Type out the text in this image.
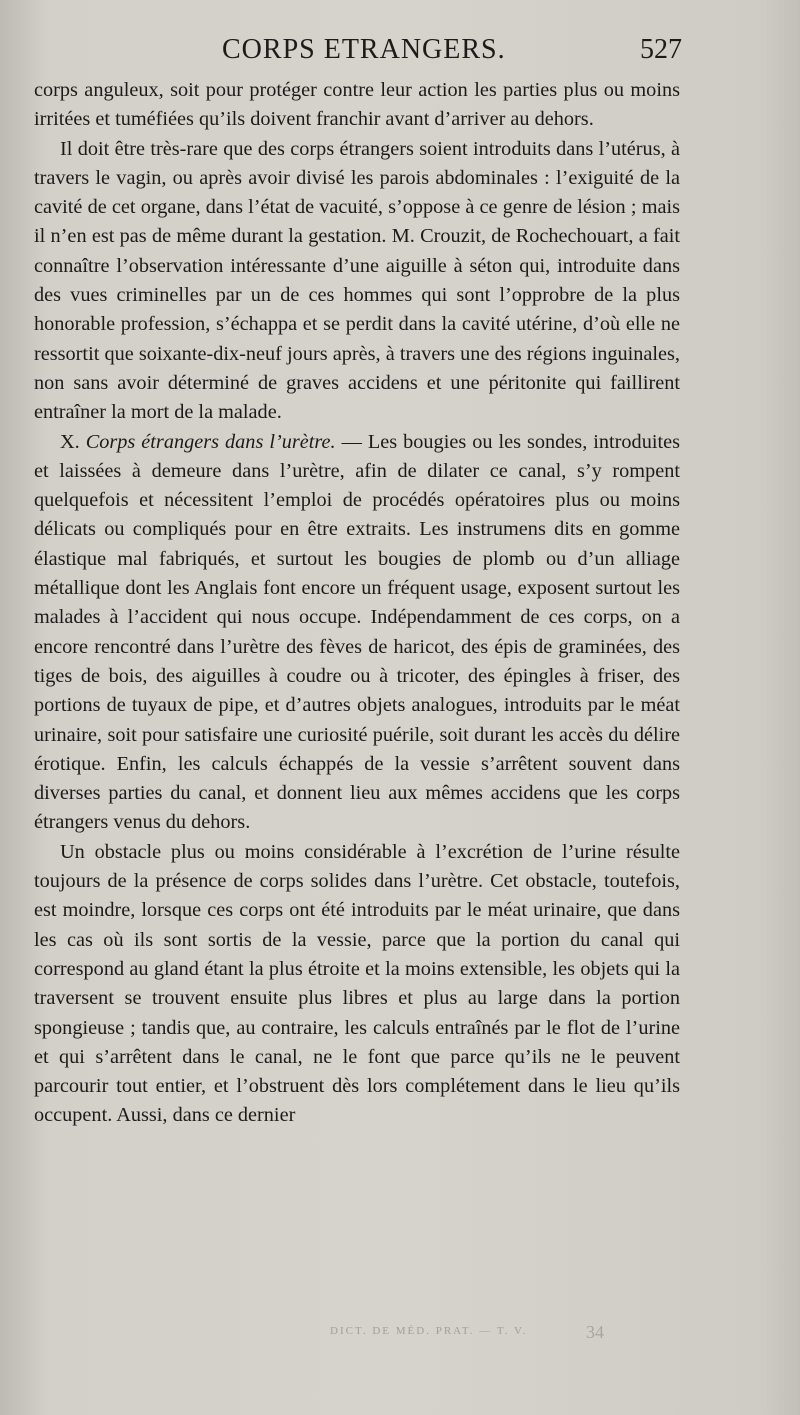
CORPS ETRANGERS.	527

corps anguleux, soit pour protéger contre leur action les parties plus ou moins irritées et tuméfiées qu’ils doivent franchir avant d’arriver au dehors.

Il doit être très-rare que des corps étrangers soient introduits dans l’utérus, à travers le vagin, ou après avoir divisé les parois abdominales : l’exiguité de la cavité de cet organe, dans l’état de vacuité, s’oppose à ce genre de lésion ; mais il n’en est pas de même durant la gestation. M. Crouzit, de Rochechouart, a fait connaître l’observation intéressante d’une aiguille à séton qui, introduite dans des vues criminelles par un de ces hommes qui sont l’opprobre de la plus honorable profession, s’échappa et se perdit dans la cavité utérine, d’où elle ne ressortit que soixante-dix-neuf jours après, à travers une des régions inguinales, non sans avoir déterminé de graves accidens et une péritonite qui faillirent entraîner la mort de la malade.

X. Corps étrangers dans l’urètre. — Les bougies ou les sondes, introduites et laissées à demeure dans l’urètre, afin de dilater ce canal, s’y rompent quelquefois et nécessitent l’emploi de procédés opératoires plus ou moins délicats ou compliqués pour en être extraits. Les instrumens dits en gomme élastique mal fabriqués, et surtout les bougies de plomb ou d’un alliage métallique dont les Anglais font encore un fréquent usage, exposent surtout les malades à l’accident qui nous occupe. Indépendamment de ces corps, on a encore rencontré dans l’urètre des fèves de haricot, des épis de graminées, des tiges de bois, des aiguilles à coudre ou à tricoter, des épingles à friser, des portions de tuyaux de pipe, et d’autres objets analogues, introduits par le méat urinaire, soit pour satisfaire une curiosité puérile, soit durant les accès du délire érotique. Enfin, les calculs échappés de la vessie s’arrêtent souvent dans diverses parties du canal, et donnent lieu aux mêmes accidens que les corps étrangers venus du dehors.

Un obstacle plus ou moins considérable à l’excrétion de l’urine résulte toujours de la présence de corps solides dans l’urètre. Cet obstacle, toutefois, est moindre, lorsque ces corps ont été introduits par le méat urinaire, que dans les cas où ils sont sortis de la vessie, parce que la portion du canal qui correspond au gland étant la plus étroite et la moins extensible, les objets qui la traversent se trouvent ensuite plus libres et plus au large dans la portion spongieuse ; tandis que, au contraire, les calculs entraînés par le flot de l’urine et qui s’arrêtent dans le canal, ne le font que parce qu’ils ne le peuvent parcourir tout entier, et l’obstruent dès lors complétement dans le lieu qu’ils occupent. Aussi, dans ce dernier

DICT. DE MÉD. PRAT. — T. V.	34
